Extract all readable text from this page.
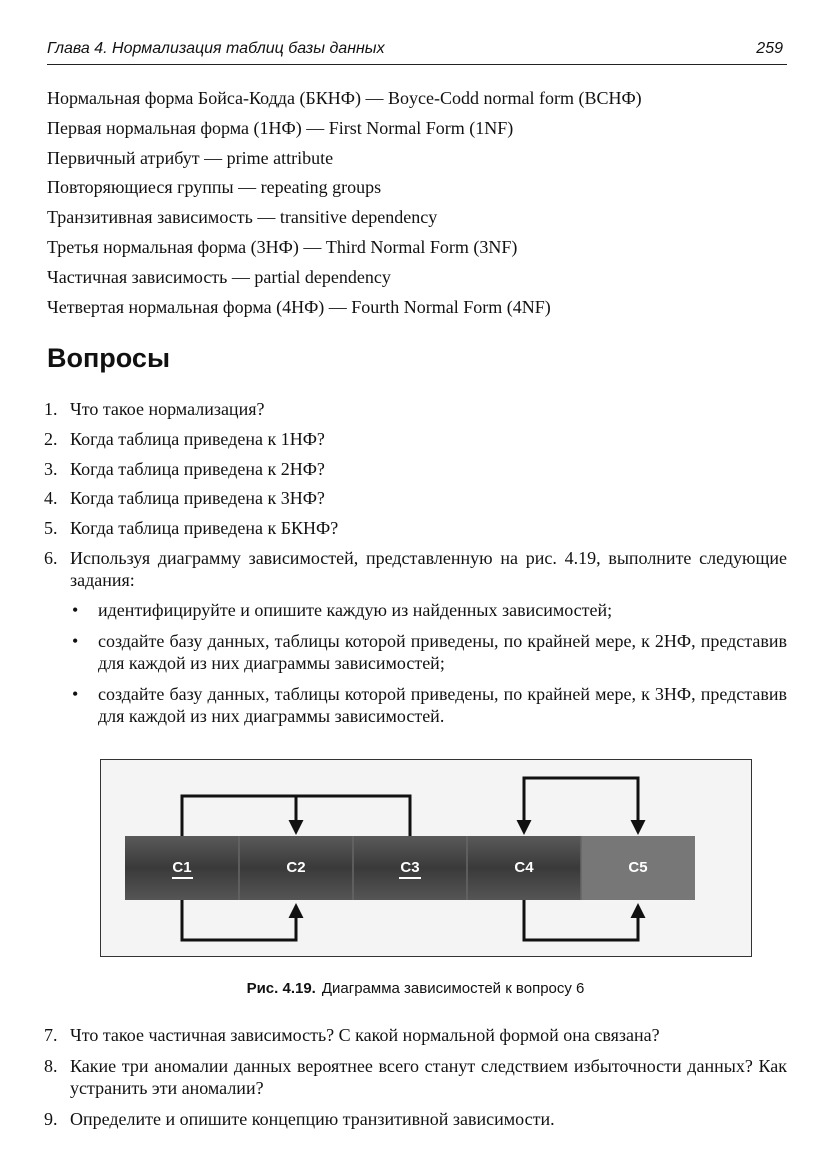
Глава 4. Нормализация таблиц базы данных	259
Нормальная форма Бойса-Кодда (БКНФ) — Boyce-Codd normal form (BCHФ)
Первая нормальная форма (1НФ) — First Normal Form (1NF)
Первичный атрибут — prime attribute
Повторяющиеся группы — repeating groups
Транзитивная зависимость — transitive dependency
Третья нормальная форма (3НФ) — Third Normal Form (3NF)
Частичная зависимость — partial dependency
Четвертая нормальная форма (4НФ) — Fourth Normal Form (4NF)
Вопросы
1. Что такое нормализация?
2. Когда таблица приведена к 1НФ?
3. Когда таблица приведена к 2НФ?
4. Когда таблица приведена к 3НФ?
5. Когда таблица приведена к БКНФ?
6. Используя диаграмму зависимостей, представленную на рис. 4.19, выполните следующие задания:
• идентифицируйте и опишите каждую из найденных зависимостей;
• создайте базу данных, таблицы которой приведены, по крайней мере, к 2НФ, представив для каждой из них диаграммы зависимостей;
• создайте базу данных, таблицы которой приведены, по крайней мере, к 3НФ, представив для каждой из них диаграммы зависимостей.
C1	C2	C3	C4	C5
Рис. 4.19. Диаграмма зависимостей к вопросу 6
7. Что такое частичная зависимость? С какой нормальной формой она связана?
8. Какие три аномалии данных вероятнее всего станут следствием избыточности данных? Как устранить эти аномалии?
9. Определите и опишите концепцию транзитивной зависимости.
